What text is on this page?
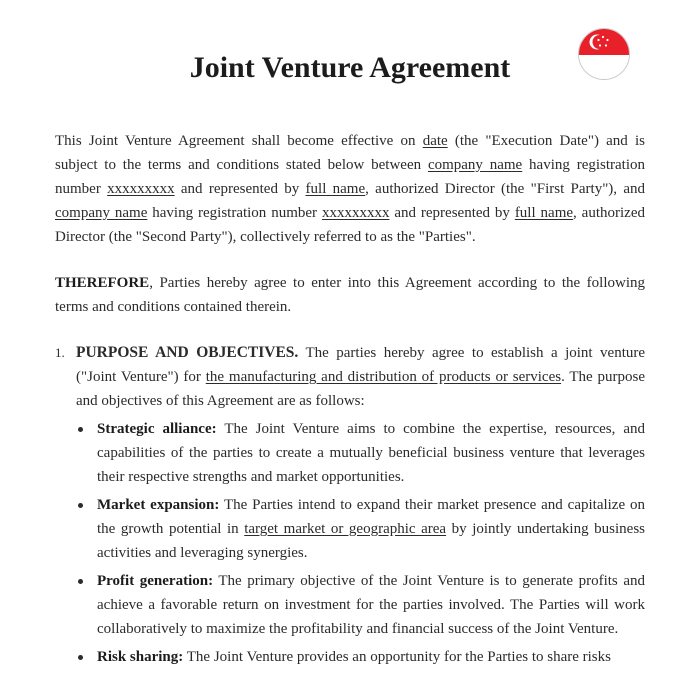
Joint Venture Agreement

This Joint Venture Agreement shall become effective on date (the "Execution Date") and is subject to the terms and conditions stated below between company name having registration number xxxxxxxxx and represented by full name, authorized Director (the "First Party"), and company name having registration number xxxxxxxxx and represented by full name, authorized Director (the "Second Party"), collectively referred to as the "Parties".

THEREFORE, Parties hereby agree to enter into this Agreement according to the following terms and conditions contained therein.

1. PURPOSE AND OBJECTIVES. The parties hereby agree to establish a joint venture ("Joint Venture") for the manufacturing and distribution of products or services. The purpose and objectives of this Agreement are as follows:

Strategic alliance: The Joint Venture aims to combine the expertise, resources, and capabilities of the parties to create a mutually beneficial business venture that leverages their respective strengths and market opportunities.

Market expansion: The Parties intend to expand their market presence and capitalize on the growth potential in target market or geographic area by jointly undertaking business activities and leveraging synergies.

Profit generation: The primary objective of the Joint Venture is to generate profits and achieve a favorable return on investment for the parties involved. The Parties will work collaboratively to maximize the profitability and financial success of the Joint Venture.

Risk sharing: The Joint Venture provides an opportunity for the Parties to share risks
